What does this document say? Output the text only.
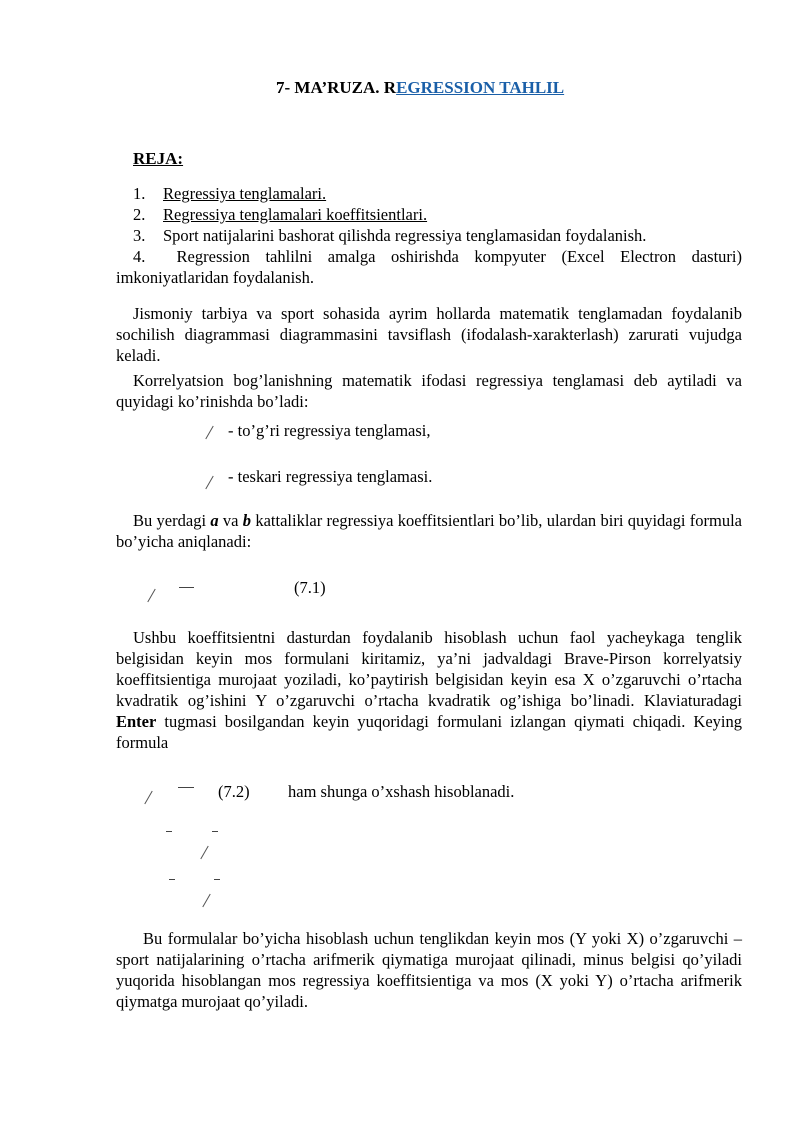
7- MA’RUZA. REGRESSION TAHLIL
REJA:
1. Regressiya tenglamalari.
2. Regressiya tenglamalari koeffitsientlari.
3. Sport natijalarini bashorat qilishda regressiya tenglamasidan foydalanish.
4. Regression tahlilni amalga oshirishda kompyuter (Excel Electron dasturi) imkoniyatlaridan foydalanish.
Jismoniy tarbiya va sport sohasida ayrim hollarda matematik tenglamadan foydalanib sochilish diagrammasi diagrammasini tavsiflash (ifodalash-xarakterlash) zarurati vujudga keladi.
Korrelyatsion bog’lanishning matematik ifodasi regressiya tenglamasi deb aytiladi va quyidagi ko’rinishda bo’ladi:
- to’g’ri regressiya tenglamasi,
- teskari regressiya tenglamasi.
Bu yerdagi a va b kattaliklar regressiya koeffitsientlari bo’lib, ulardan biri quyidagi formula bo’yicha aniqlanadi:
(7.1)
Ushbu koeffitsientni dasturdan foydalanib hisoblash uchun faol yacheykaga tenglik belgisidan keyin mos formulani kiritamiz, ya’ni jadvaldagi Brave-Pirson korrelyatsiy koeffitsientiga murojaat yoziladi, ko’paytirish belgisidan keyin esa X o’zgaruvchi o’rtacha kvadratik og’ishini Y o’zgaruvchi o’rtacha kvadratik og’ishiga bo’linadi. Klaviaturadagi Enter tugmasi bosilgandan keyin yuqoridagi formulani izlangan qiymati chiqadi. Keying formula
(7.2) ham shunga o’xshash hisoblanadi.
Bu formulalar bo’yicha hisoblash uchun tenglikdan keyin mos (Y yoki X) o’zgaruvchi – sport natijalarining o’rtacha arifmerik qiymatiga murojaat qilinadi, minus belgisi qo’yiladi yuqorida hisoblangan mos regressiya koeffitsientiga va mos (X yoki Y) o’rtacha arifmerik qiymatga murojaat qo’yiladi.
